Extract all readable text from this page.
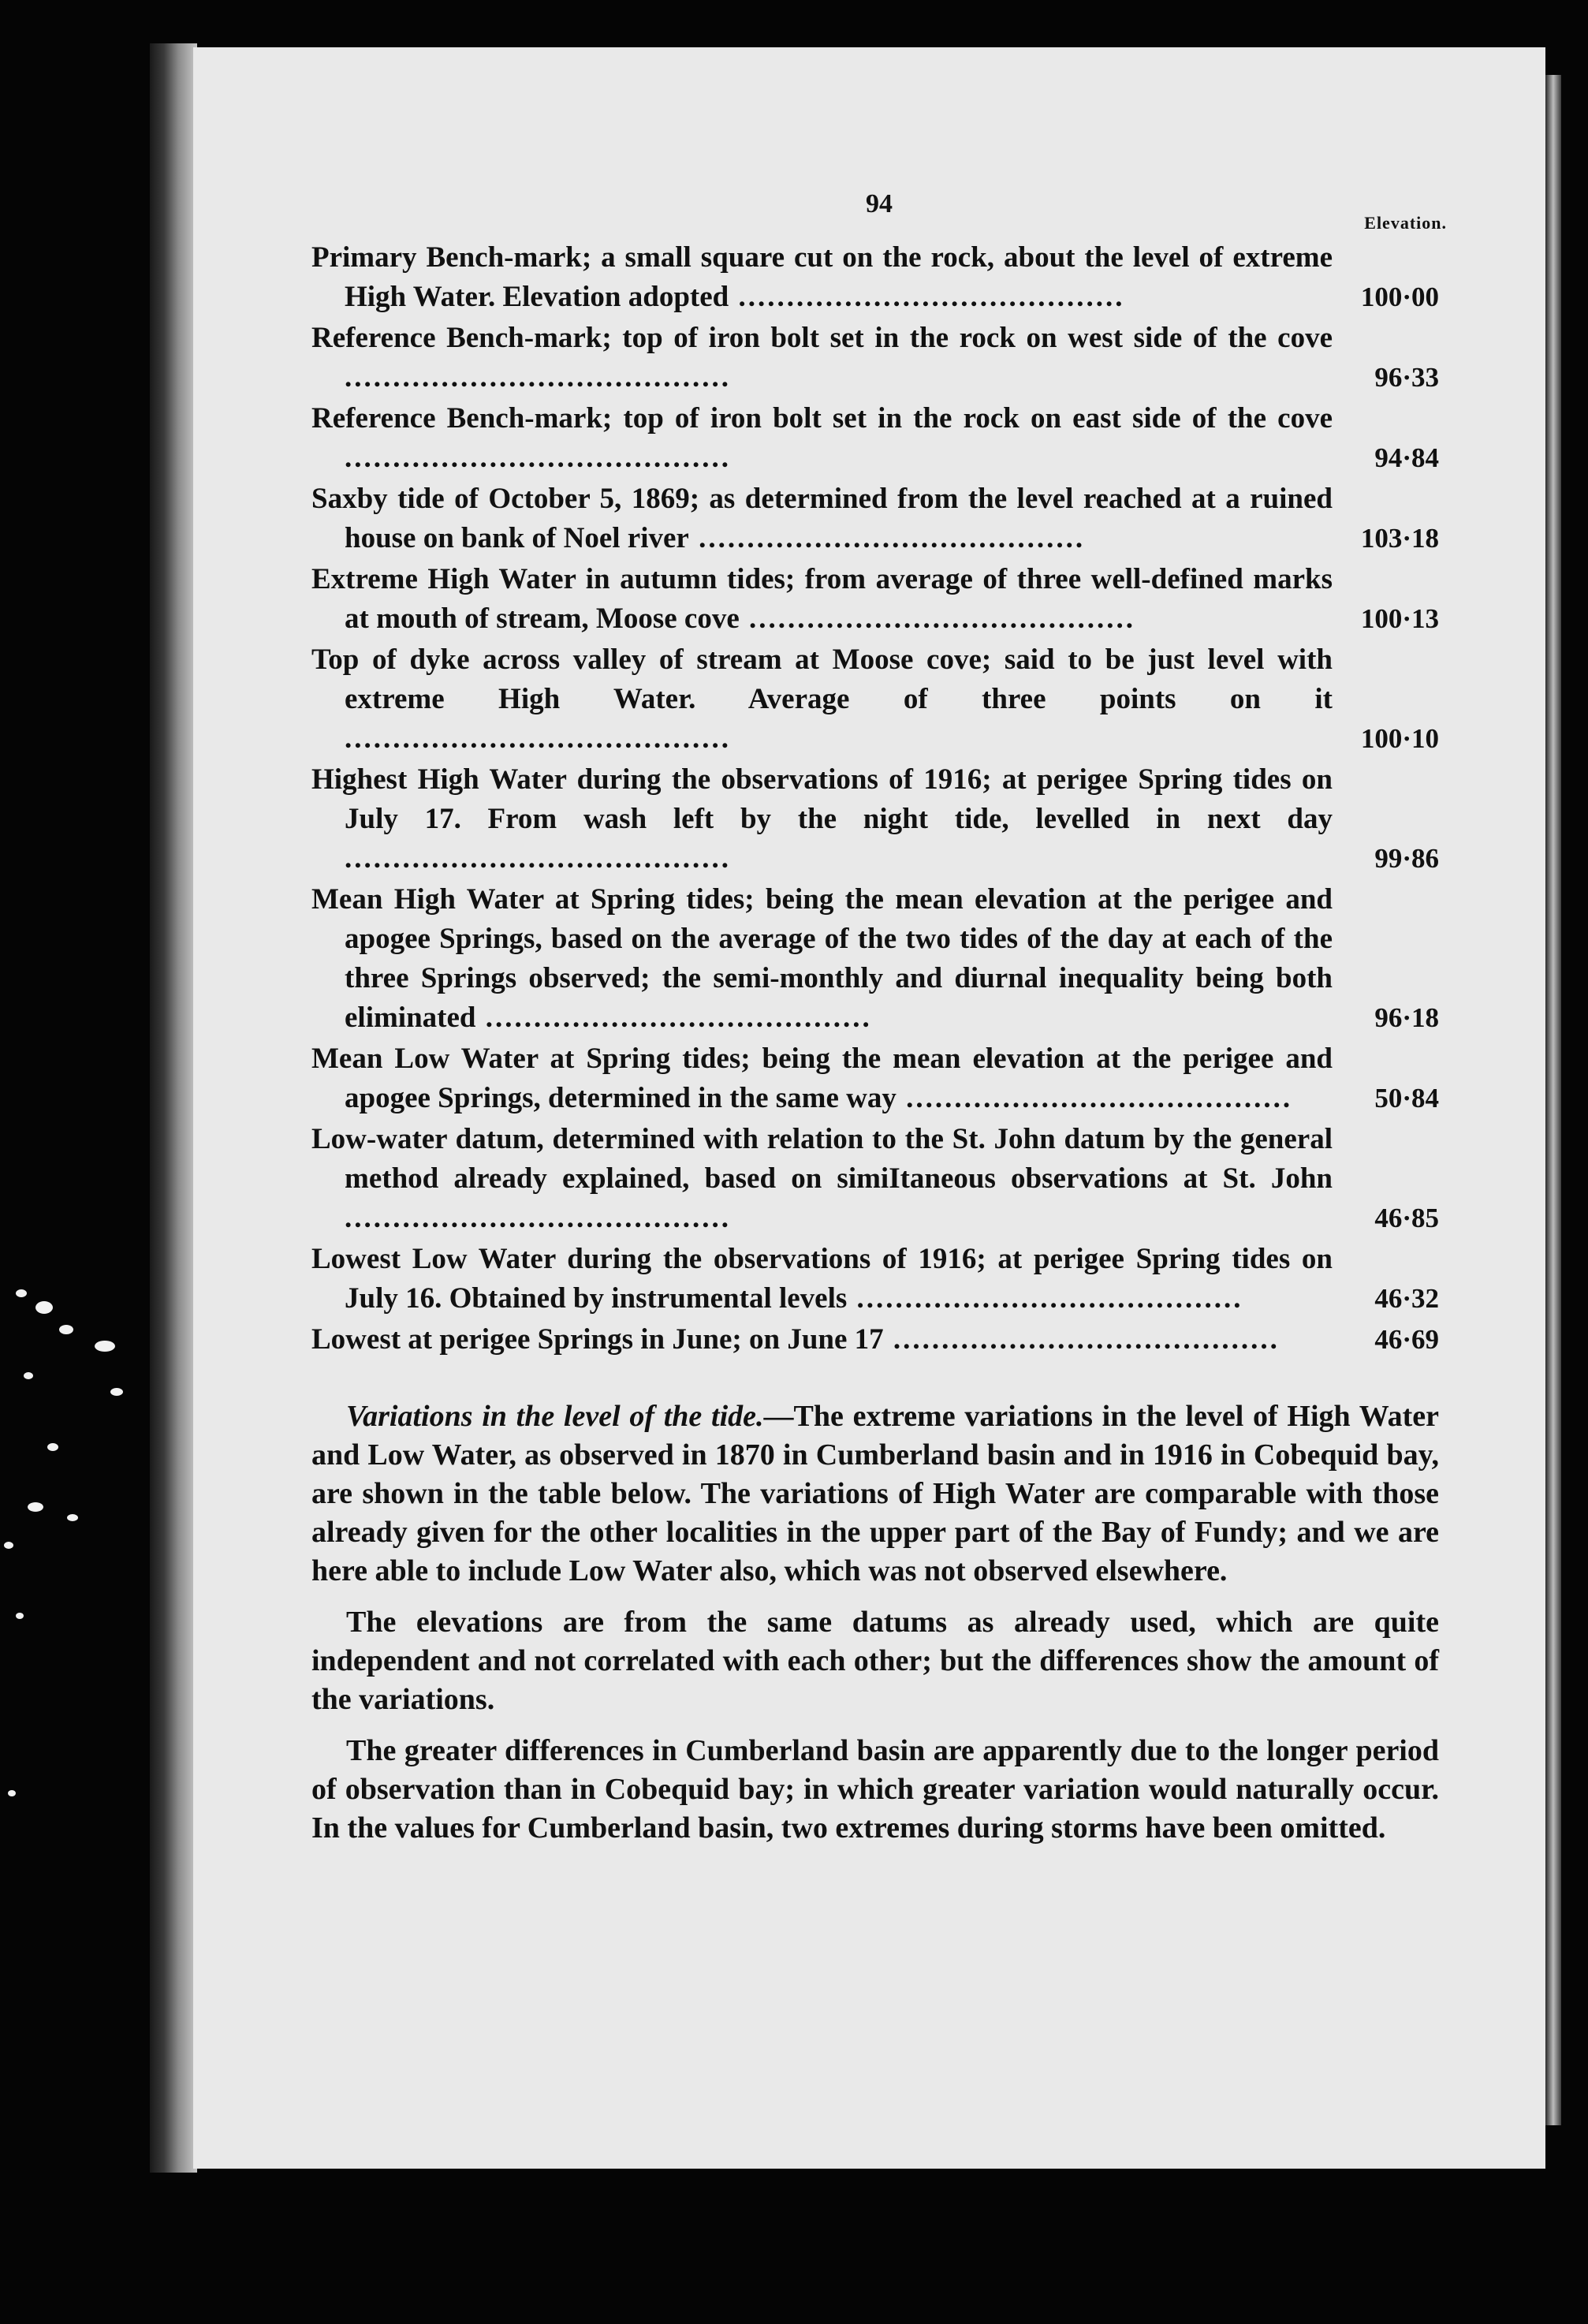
94
Elevation.
Primary Bench-mark; a small square cut on the rock, about the level of extreme High Water. Elevation adopted ........................................	100·00
Reference Bench-mark; top of iron bolt set in the rock on west side of the cove ........................................	96·33
Reference Bench-mark; top of iron bolt set in the rock on east side of the cove ........................................	94·84
Saxby tide of October 5, 1869; as determined from the level reached at a ruined house on bank of Noel river ........................................	103·18
Extreme High Water in autumn tides; from average of three well-defined marks at mouth of stream, Moose cove ........................................	100·13
Top of dyke across valley of stream at Moose cove; said to be just level with extreme High Water. Average of three points on it ........................................	100·10
Highest High Water during the observations of 1916; at perigee Spring tides on July 17. From wash left by the night tide, levelled in next day ........................................	99·86
Mean High Water at Spring tides; being the mean elevation at the perigee and apogee Springs, based on the average of the two tides of the day at each of the three Springs observed; the semi-monthly and diurnal inequality being both eliminated ........................................	96·18
Mean Low Water at Spring tides; being the mean elevation at the perigee and apogee Springs, determined in the same way ........................................	50·84
Low-water datum, determined with relation to the St. John datum by the general method already explained, based on simiItaneous observations at St. John ........................................	46·85
Lowest Low Water during the observations of 1916; at perigee Spring tides on July 16. Obtained by instrumental levels ........................................	46·32
Lowest at perigee Springs in June; on June 17 ........................................	46·69

Variations in the level of the tide.—The extreme variations in the level of High Water and Low Water, as observed in 1870 in Cumberland basin and in 1916 in Cobequid bay, are shown in the table below. The variations of High Water are comparable with those already given for the other localities in the upper part of the Bay of Fundy; and we are here able to include Low Water also, which was not observed elsewhere.

The elevations are from the same datums as already used, which are quite independent and not correlated with each other; but the differences show the amount of the variations.

The greater differences in Cumberland basin are apparently due to the longer period of observation than in Cobequid bay; in which greater variation would naturally occur. In the values for Cumberland basin, two extremes during storms have been omitted.
